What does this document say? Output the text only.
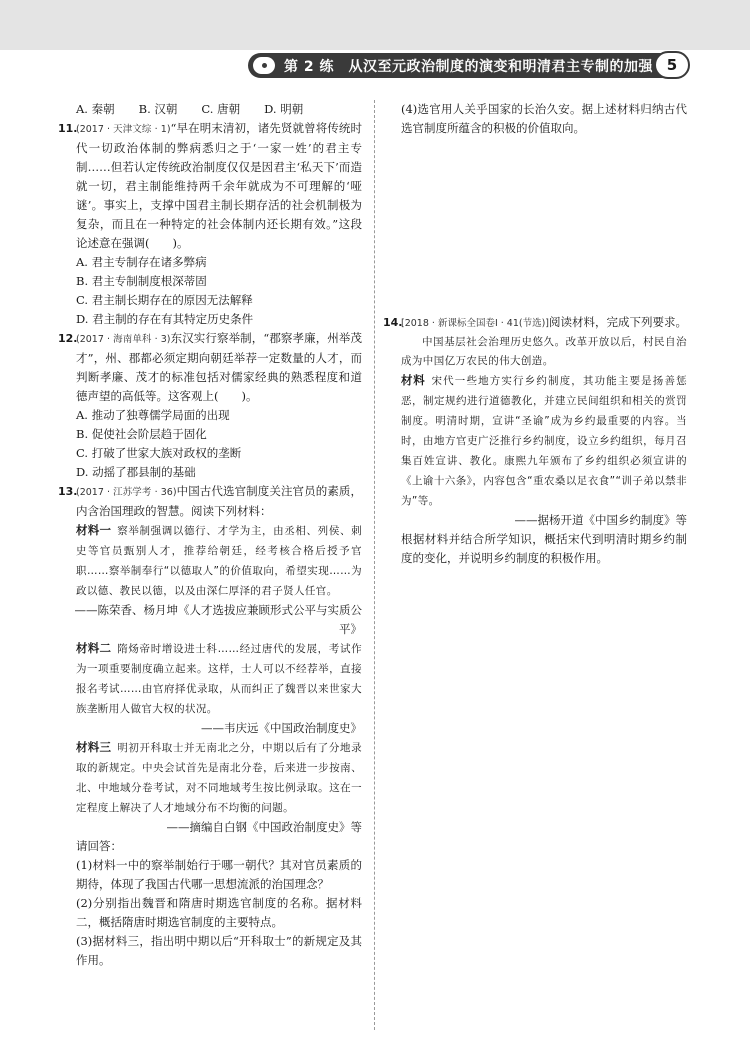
第 2 练　从汉至元政治制度的演变和明清君主专制的加强 5
A. 秦朝 B. 汉朝 C. 唐朝 D. 明朝
11.
(2017 · 天津文综 · 1)“早在明末清初，诸先贤就曾将传统时代一切政治体制的弊病悉归之于‘一家一姓’的君主专制……但若认定传统政治制度仅仅是因君主‘私天下’而造就一切，君主制能维持两千余年就成为不可理解的‘哑谜’。事实上，支撑中国君主制长期存活的社会机制极为复杂，而且在一种特定的社会体制内还长期有效。”这段论述意在强调(　　)。

A. 君主专制存在诸多弊病

B. 君主专制制度根深蒂固

C. 君主制长期存在的原因无法解释

D. 君主制的存在有其特定历史条件

12.
(2017 · 海南单科 · 3)东汉实行察举制，“郡察孝廉，州举茂才”，州、郡都必须定期向朝廷举荐一定数量的人才，而判断孝廉、茂才的标准包括对儒家经典的熟悉程度和道德声望的高低等。这客观上(　　)。

A. 推动了独尊儒学局面的出现

B. 促使社会阶层趋于固化

C. 打破了世家大族对政权的垄断

D. 动摇了郡县制的基础

13.
(2017 · 江苏学考 · 36)中国古代选官制度关注官员的素质，内含治国理政的智慧。阅读下列材料：

材料一 察举制强调以德行、才学为主，由丞相、列侯、刺史等官员甄别人才，推荐给朝廷，经考核合格后授予官职……察举制奉行“以德取人”的价值取向，希望实现……为政以德、教民以德，以及由深仁厚泽的君子贤人任官。

——陈荣香、杨月坤《人才选拔应兼顾形式公平与实质公平》

材料二 隋炀帝时增设进士科……经过唐代的发展，考试作为一项重要制度确立起来。这样，士人可以不经荐举，直接报名考试……由官府择优录取，从而纠正了魏晋以来世家大族垄断用人做官大权的状况。

——韦庆远《中国政治制度史》

材料三 明初开科取士并无南北之分，中期以后有了分地录取的新规定。中央会试首先是南北分卷，后来进一步按南、北、中地域分卷考试，对不同地域考生按比例录取。这在一定程度上解决了人才地域分布不均衡的问题。

——摘编自白钢《中国政治制度史》等

请回答：

(1)材料一中的察举制始行于哪一朝代？其对官员素质的期待，体现了我国古代哪一思想流派的治国理念？

(2)分别指出魏晋和隋唐时期选官制度的名称。据材料二，概括隋唐时期选官制度的主要特点。

(3)据材料三，指出明中期以后“开科取士”的新规定及其作用。

(4)选官用人关乎国家的长治久安。据上述材料归纳古代选官制度所蕴含的积极的价值取向。

14.
[2018 · 新课标全国卷Ⅰ · 41(节选)]阅读材料，完成下列要求。

中国基层社会治理历史悠久。改革开放以后，村民自治成为中国亿万农民的伟大创造。

材料 宋代一些地方实行乡约制度，其功能主要是扬善惩恶，制定规约进行道德教化，并建立民间组织和相关的赏罚制度。明清时期，宣讲“圣谕”成为乡约最重要的内容。当时，由地方官吏广泛推行乡约制度，设立乡约组织，每月召集百姓宣讲、教化。康熙九年颁布了乡约组织必须宣讲的《上谕十六条》，内容包含“重农桑以足衣食”“训子弟以禁非为”等。

——据杨开道《中国乡约制度》等

根据材料并结合所学知识，概括宋代到明清时期乡约制度的变化，并说明乡约制度的积极作用。
